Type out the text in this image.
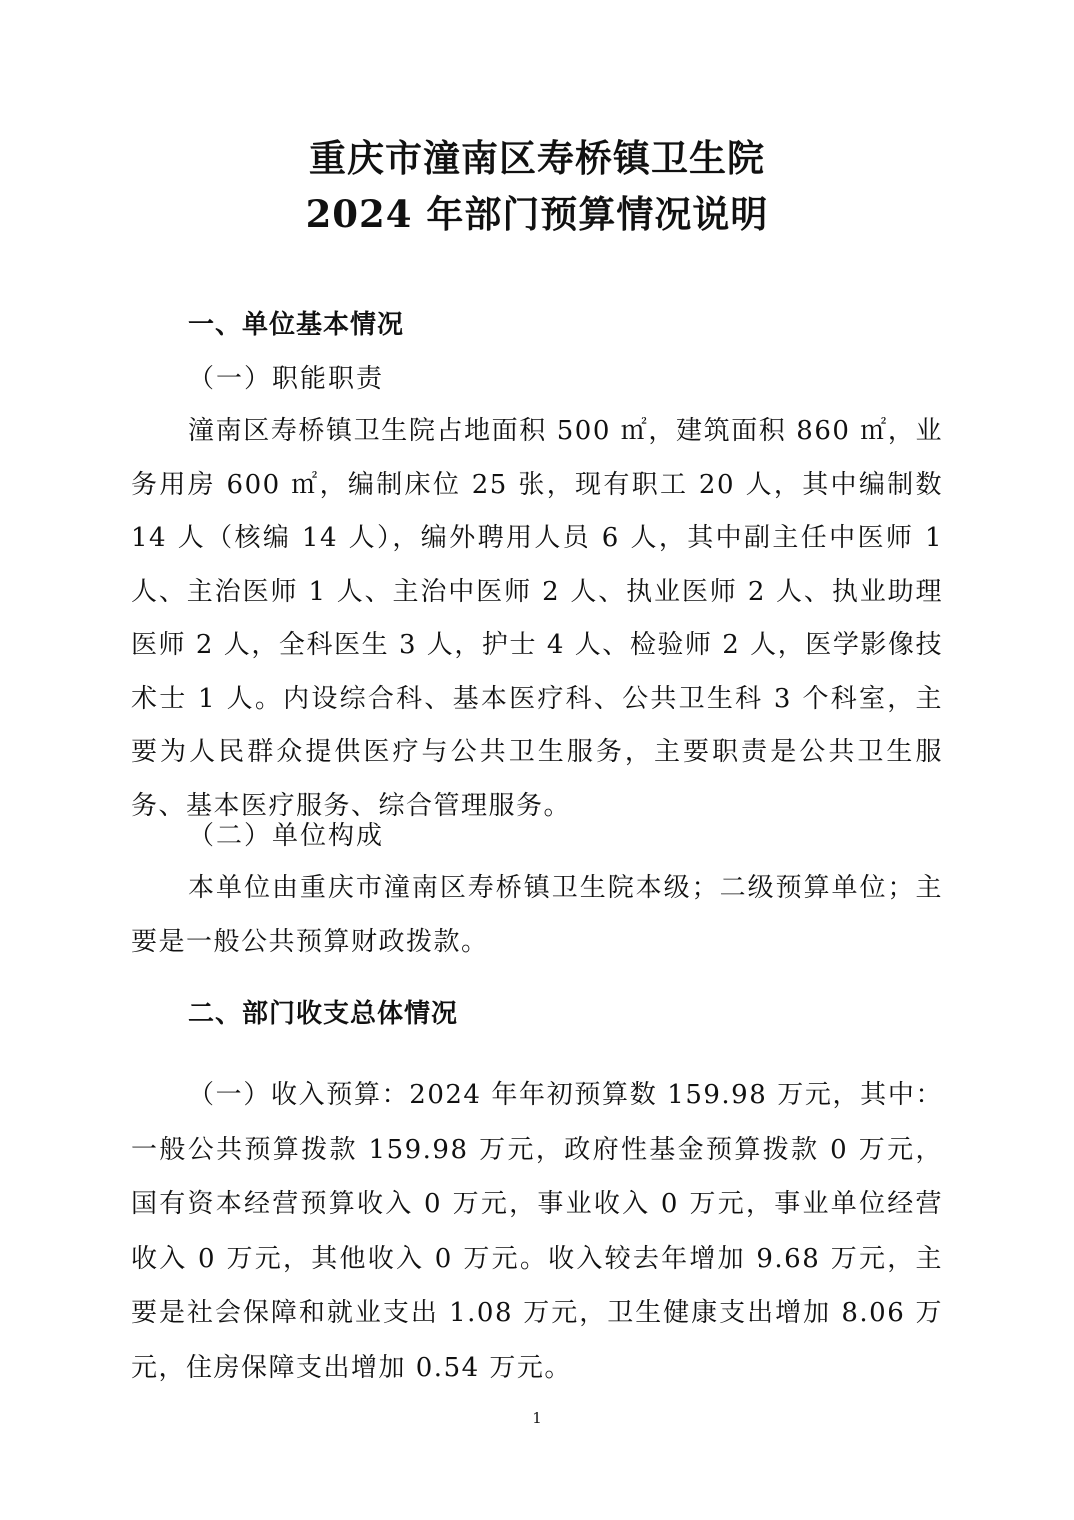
重庆市潼南区寿桥镇卫生院
2024 年部门预算情况说明
一、单位基本情况
（一）职能职责
潼南区寿桥镇卫生院占地面积 500 ㎡，建筑面积 860 ㎡，业务用房 600 ㎡，编制床位 25 张，现有职工 20 人，其中编制数 14 人（核编 14 人），编外聘用人员 6 人，其中副主任中医师 1 人、主治医师 1 人、主治中医师 2 人、执业医师 2 人、执业助理医师 2 人，全科医生 3 人，护士 4 人、检验师 2 人，医学影像技术士 1 人。内设综合科、基本医疗科、公共卫生科 3 个科室，主要为人民群众提供医疗与公共卫生服务，主要职责是公共卫生服务、基本医疗服务、综合管理服务。
（二）单位构成
本单位由重庆市潼南区寿桥镇卫生院本级；二级预算单位；主要是一般公共预算财政拨款。
二、部门收支总体情况
（一）收入预算：2024 年年初预算数 159.98 万元，其中：一般公共预算拨款 159.98 万元，政府性基金预算拨款 0 万元，国有资本经营预算收入 0 万元，事业收入 0 万元，事业单位经营收入 0 万元，其他收入 0 万元。收入较去年增加 9.68 万元，主要是社会保障和就业支出 1.08 万元，卫生健康支出增加 8.06 万元，住房保障支出增加 0.54 万元。
1
